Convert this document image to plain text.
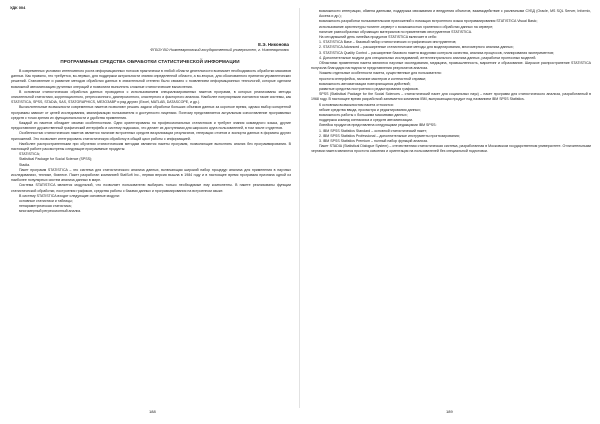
УДК 004
Е.Э. Никонова
ФГБОУ ВО Нижневартовский государственный университет, г. Нижневартовск
ПРОГРАММНЫЕ СРЕДСТВА ОБРАБОТКИ СТАТИСТИЧЕСКОЙ ИНФОРМАЦИИ

В современных условиях интенсивного роста информационных потоков практически в любой области деятельности возникает необходимость обработки массивов данных. Как правило, это требуется, во-первых, для поддержки актуальности знания определенной области, а во-вторых, для обоснованного принятия управленческих решений. Становление и развитие методов обработки данных в значительной степени было связано с появлением информационных технологий, которые сделали возможной автоматизацию рутинных операций и позволили выполнять сложные статистические вычисления.

В основном статистическая обработка данных проводится с использованием специализированных пакетов программ, в которых реализованы методы описательной статистики, корреляционного, регрессионного, дисперсионного, кластерного и факторного анализа. Наиболее популярными считаются такие системы, как STATISTICA, SPSS, STADIA, SAS, STATGRAPHICS, МЕЗОЗАВР и ряд других (Excel, MATLAB, DATASCOPE, и др.).

Вычислительные возможности современных пакетов позволяют решать задачи обработки больших объемов данных за короткое время, однако выбор конкретной программы зависит от целей исследования, квалификации пользователя и доступности лицензии. Поэтому представляется актуальным сопоставление программных средств с точки зрения их функциональности и удобства применения.

Каждый из пакетов обладает своими особенностями. Одни ориентированы на профессиональных статистиков и требуют знания командного языка, другие предоставляют дружественный графический интерфейс и систему подсказок, что делает их доступными для широкого круга пользователей, в том числе студентов.

Особенностью статистических пакетов является наличие встроенных средств визуализации результатов, генерации отчетов и экспорта данных в форматы других приложений. Это позволяет интегрировать статистическую обработку в общий цикл работы с информацией.

Наиболее распространенными при обучении статистическим методам являются пакеты программ, позволяющие выполнять анализ без программирования. В настоящей работе рассмотрены следующие программные продукты:

STATISTICA;

Statistical Package for Social Science (SPSS);

Stadia.

Пакет программ STATISTICA – это система для статистического анализа данных, включающая широкий набор процедур анализа для применения в научных исследованиях, технике, бизнесе. Пакет разработан компанией StatSoft Inc., первая версия вышла в 1984 году и в настоящее время программа признана одной из наиболее популярных систем анализа данных в мире.

Система STATISTICA является модульной, что позволяет пользователю выбирать только необходимые ему компоненты. В пакете реализованы функции статистической обработки, построения графиков, средства работы с базами данных и программирования на встроенном языке.

В систему STATISTICA входят следующие основные модули:

основные статистики и таблицы;

непараметрическая статистика;

многомерный регрессионный анализ.

188

возможности интеграции, обмена данными, поддержка связывания и внедрения объектов, взаимодействие с различными СУБД (Oracle, MS SQL Server, Informix, Access и др.);

возможность разработки пользовательских приложений с помощью встроенного языка программирования STATISTICA Visual Basic;

использование архитектуры «клиент-сервер» с возможностью хранения и обработки данных на сервере;

наличие разнообразных обучающих материалов по применению инструментов STATISTICA.

На сегодняшний день линейка продуктов STATISTICA включает в себя:

1. STATISTICA Base – базовый набор статистических и графических инструментов;

2. STATISTICA Advanced – расширенные статистические методы для моделирования, многомерного анализа данных;

3. STATISTICA Quality Control – расширение базового пакета модулями контроля качества, анализа процессов, планирования экспериментов;

4. Дополнительные модули для специальных исследований, интеллектуального анализа данных, разработки прогнозных моделей.

Областями применения пакета являются научные исследования, медицина, промышленность, маркетинг и образование. Широкое распространение STATISTICA получила благодаря наглядности представления результатов анализа.

Укажем отдельные особенности пакета, существенные для пользователя:

простота интерфейса, наличие мастеров и контекстной справки;

возможность автоматизации повторяющихся действий;

развитые средства построения и редактирования графиков.

SPSS (Statistical Package for the Social Sciences – статистический пакет для социальных наук) – пакет программ для статистического анализа, разработанный в 1968 году. В настоящее время разработкой занимается компания IBM, выпускающая продукт под названием IBM SPSS Statistics.

К основным возможностям пакета относятся:

гибкие средства ввода, просмотра и редактирования данных;

возможность работы с большими массивами данных;

поддержка команд синтаксиса и средств автоматизации.

Линейка продуктов представлена следующими редакциями IBM SPSS:

1. IBM SPSS Statistics Standard – основной статистический пакет;

2. IBM SPSS Statistics Professional – дополнительные инструменты прогнозирования;

3. IBM SPSS Statistics Premium – полный набор функций анализа.

Пакет STADIA (Statistical Dialogue System) – отечественная статистическая система, разработанная в Московском государственном университете. Отличительными чертами пакета являются простота освоения и ориентация на пользователей без специальной подготовки.

189
